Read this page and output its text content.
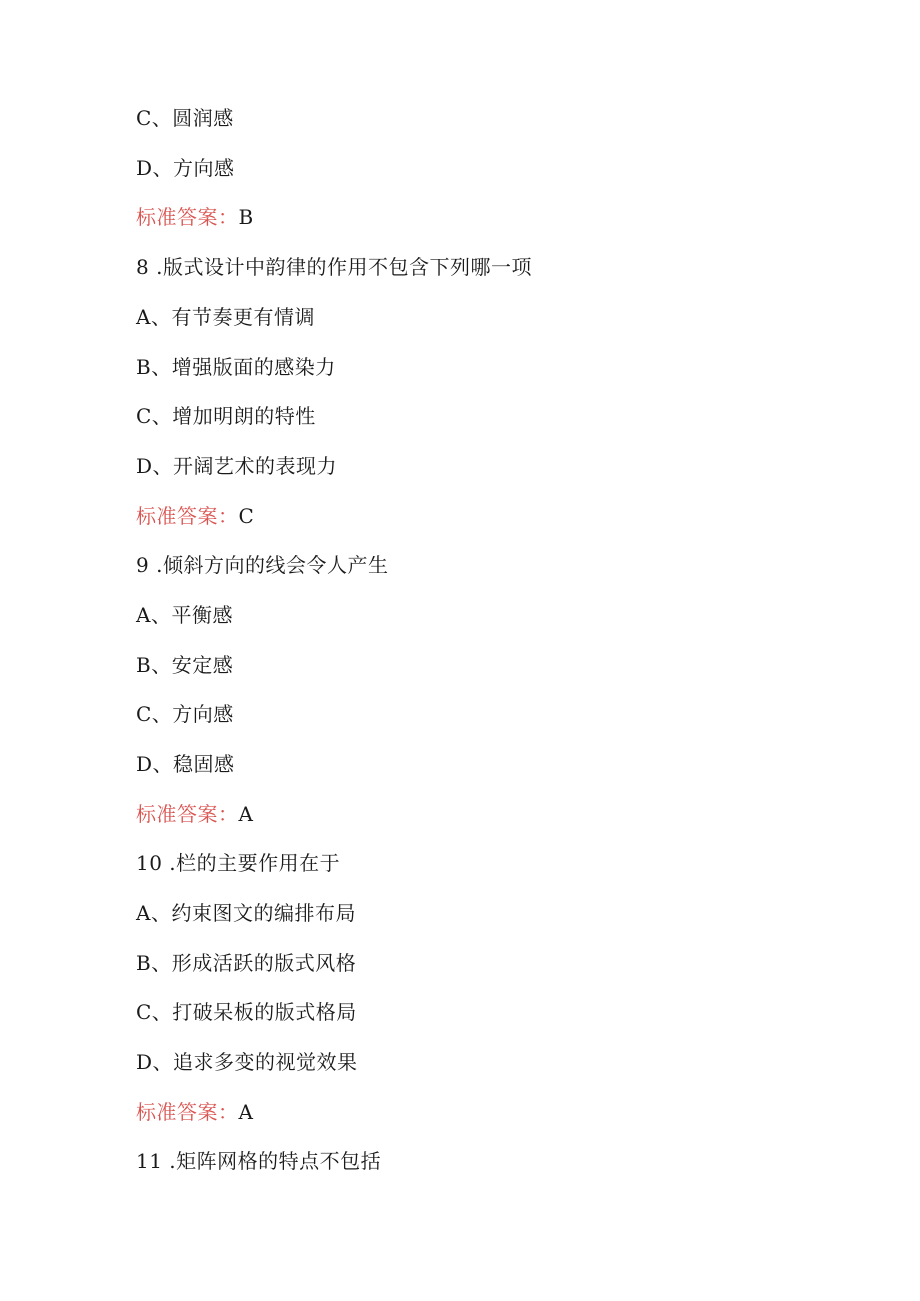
C、圆润感
D、方向感
标准答案：B
8 .版式设计中韵律的作用不包含下列哪一项
A、有节奏更有情调
B、增强版面的感染力
C、增加明朗的特性
D、开阔艺术的表现力
标准答案：C
9 .倾斜方向的线会令人产生
A、平衡感
B、安定感
C、方向感
D、稳固感
标准答案：A
10 .栏的主要作用在于
A、约束图文的编排布局
B、形成活跃的版式风格
C、打破呆板的版式格局
D、追求多变的视觉效果
标准答案：A
11 .矩阵网格的特点不包括
